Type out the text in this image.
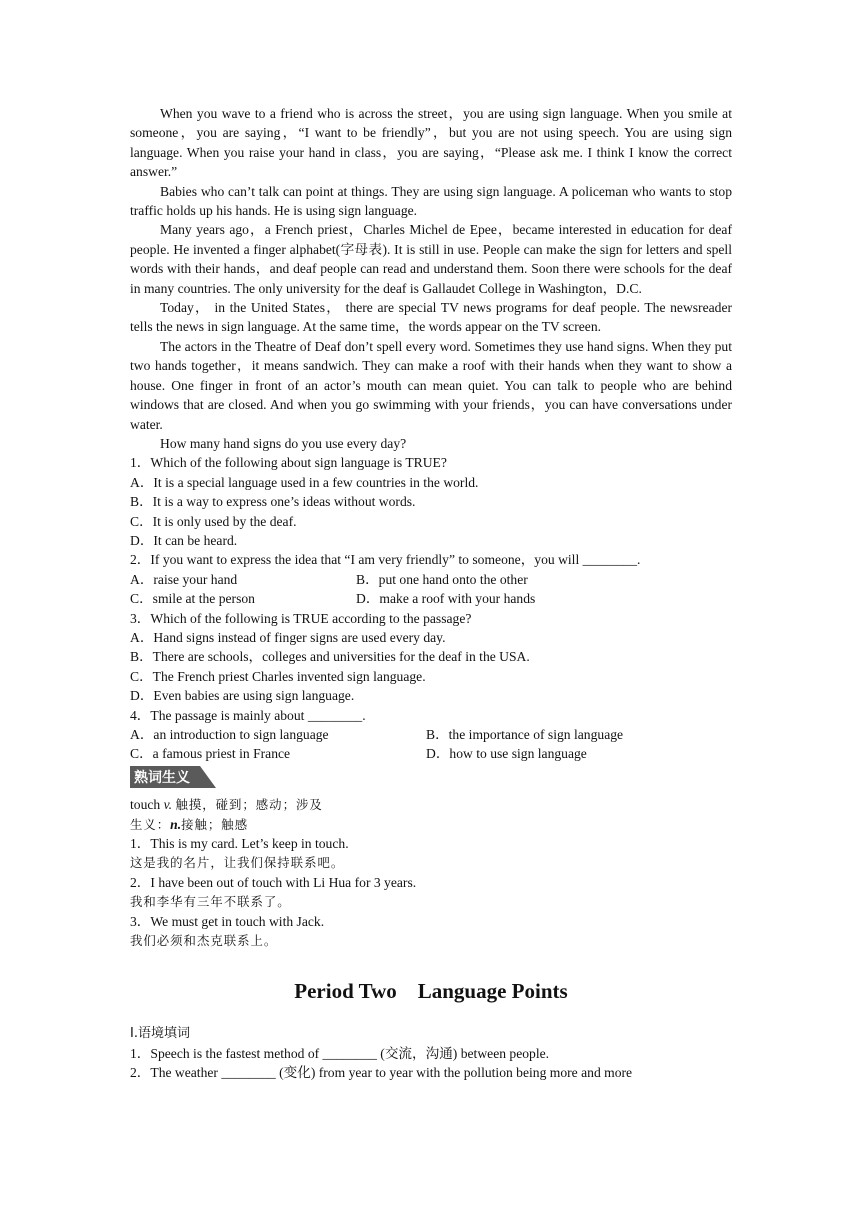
When you wave to a friend who is across the street，you are using sign language. When you smile at someone，you are saying，“I want to be friendly”，but you are not using speech. You are using sign language. When you raise your hand in class，you are saying，“Please ask me. I think I know the correct answer.”

Babies who can’t talk can point at things. They are using sign language. A policeman who wants to stop traffic holds up his hands. He is using sign language.

Many years ago，a French priest，Charles Michel de Epee，became interested in education for deaf people. He invented a finger alphabet(字母表). It is still in use. People can make the sign for letters and spell words with their hands，and deaf people can read and understand them. Soon there were schools for the deaf in many countries. The only university for the deaf is Gallaudet College in Washington，D.C.

Today， in the United States， there are special TV news programs for deaf people. The newsreader tells the news in sign language. At the same time，the words appear on the TV screen.

The actors in the Theatre of Deaf don’t spell every word. Sometimes they use hand signs. When they put two hands together，it means sandwich. They can make a roof with their hands when they want to show a house. One finger in front of an actor’s mouth can mean quiet. You can talk to people who are behind windows that are closed. And when you go swimming with your friends，you can have conversations under water.

How many hand signs do you use every day?

1．Which of the following about sign language is TRUE?

A．It is a special language used in a few countries in the world.

B．It is a way to express one’s ideas without words.

C．It is only used by the deaf.

D．It can be heard.

2．If you want to express the idea that “I am very friendly” to someone，you will ________.

A．raise your hand	B．put one hand onto the other
C．smile at the person	D．make a roof with your hands

3．Which of the following is TRUE according to the passage?

A．Hand signs instead of finger signs are used every day.

B．There are schools，colleges and universities for the deaf in the USA.

C．The French priest Charles invented sign language.

D．Even babies are using sign language.

4．The passage is mainly about ________.

A．an introduction to sign language	B．the importance of sign language
C．a famous priest in France	D．how to use sign language
熟词生义

touch v. 触摸，碰到；感动；涉及

生义：n.接触；触感

1．This is my card. Let’s keep in touch.

这是我的名片，让我们保持联系吧。

2．I have been out of touch with Li Hua for 3 years.

我和李华有三年不联系了。

3．We must get in touch with Jack.

我们必须和杰克联系上。

Period Two    Language Points

Ⅰ.语境填词

1．Speech is the fastest method of ________ (交流，沟通) between people.

2．The weather ________ (变化) from year to year with the pollution being more and more
